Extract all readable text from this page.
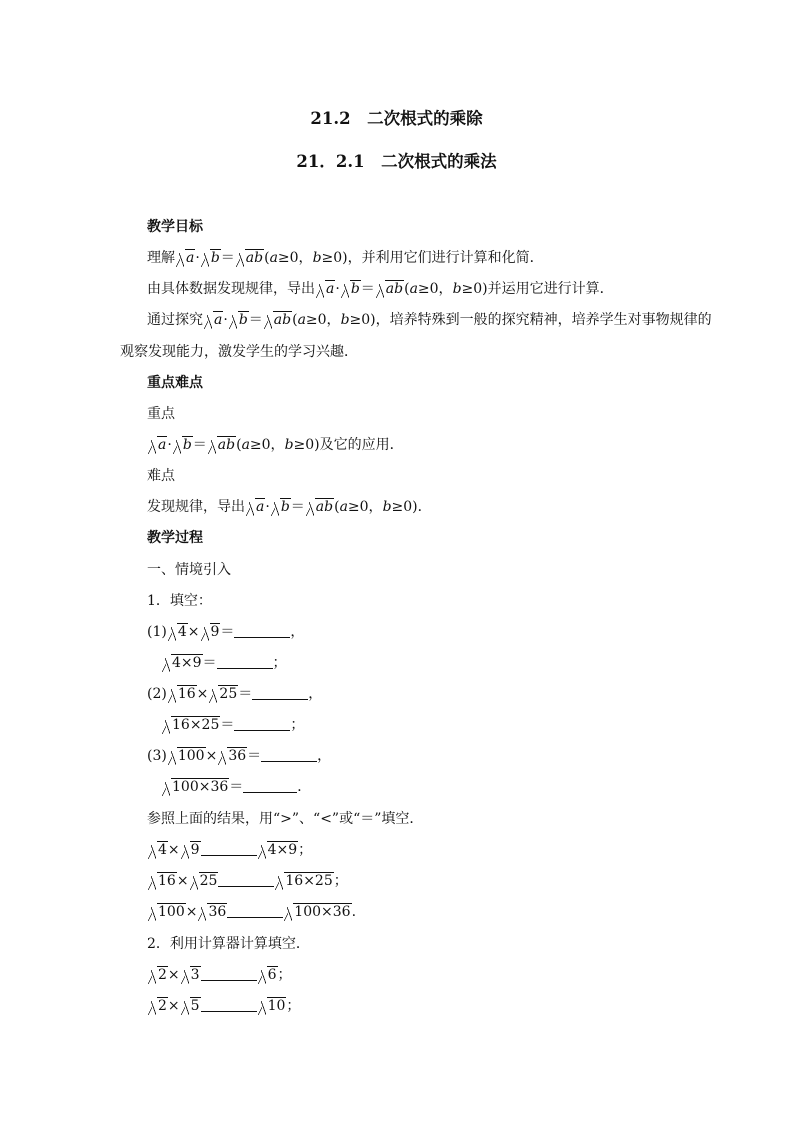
21.2　二次根式的乘除
21．2.1　二次根式的乘法
教学目标
理解 a· b＝ ab(a≥0，b≥0)，并利用它们进行计算和化简．
由具体数据发现规律，导出 a· b＝ ab(a≥0，b≥0)并运用它进行计算．
通过探究 a· b＝ ab(a≥0，b≥0)，培养特殊到一般的探究精神，培养学生对事物规律的
观察发现能力，激发学生的学习兴趣．
重点难点
重点
a· b＝ ab(a≥0，b≥0)及它的应用．
难点
发现规律，导出 a· b＝ ab(a≥0，b≥0)．
教学过程
一、情境引入
1．填空：
(1) 4× 9＝	，
4×9＝	；
(2) 16× 25＝	，
16×25＝	；
(3) 100× 36＝	，
100×36＝	．
参照上面的结果，用“>”、“<”或“＝”填空．
4× 9	4×9；
16× 25	16×25；
100× 36	100×36.
2．利用计算器计算填空．
2× 3	6；
2× 5	10；
